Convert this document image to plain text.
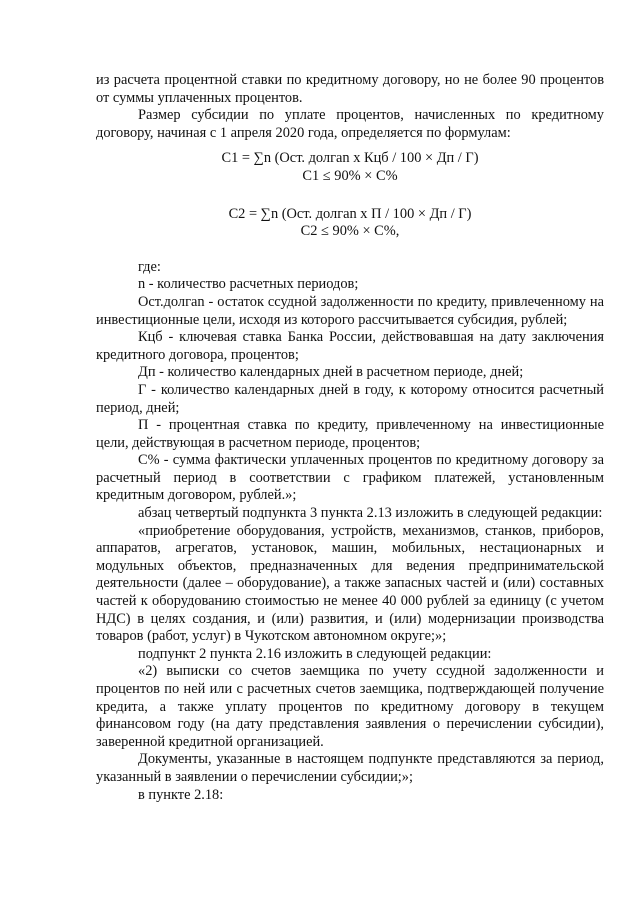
из расчета процентной ставки по кредитному договору, но не более 90 процентов от суммы уплаченных процентов.

Размер субсидии по уплате процентов, начисленных по кредитному договору, начиная с 1 апреля 2020 года, определяется по формулам:

С1 = ∑n (Ост. долгаn x Кцб / 100 × Дп / Г)

С1 ≤ 90% × С%

С2 = ∑n (Ост. долгаn x П / 100 × Дп / Г)

С2 ≤ 90% × С%,

где:

n - количество расчетных периодов;

Ост.долгаn - остаток ссудной задолженности по кредиту, привлеченному на инвестиционные цели, исходя из которого рассчитывается субсидия, рублей;

Кцб - ключевая ставка Банка России, действовавшая на дату заключения кредитного договора, процентов;

Дп - количество календарных дней в расчетном периоде, дней;

Г - количество календарных дней в году, к которому относится расчетный период, дней;

П - процентная ставка по кредиту, привлеченному на инвестиционные цели, действующая в расчетном периоде, процентов;

С% - сумма фактически уплаченных процентов по кредитному договору за расчетный период в соответствии с графиком платежей, установленным кредитным договором, рублей.»;

абзац четвертый подпункта 3 пункта 2.13 изложить в следующей редакции:

«приобретение оборудования, устройств, механизмов, станков, приборов, аппаратов, агрегатов, установок, машин, мобильных, нестационарных и модульных объектов, предназначенных для ведения предпринимательской деятельности (далее – оборудование), а также запасных частей и (или) составных частей к оборудованию стоимостью не менее 40 000 рублей за единицу (с учетом НДС) в целях создания, и (или) развития, и (или) модернизации производства товаров (работ, услуг) в Чукотском автономном округе;»;

подпункт 2 пункта 2.16 изложить в следующей редакции:

«2) выписки со счетов заемщика по учету ссудной задолженности и процентов по ней или с расчетных счетов заемщика, подтверждающей получение кредита, а также уплату процентов по кредитному договору в текущем финансовом году (на дату представления заявления о перечислении субсидии), заверенной кредитной организацией.

Документы, указанные в настоящем подпункте представляются за период, указанный в заявлении о перечислении субсидии;»;

в пункте 2.18:
